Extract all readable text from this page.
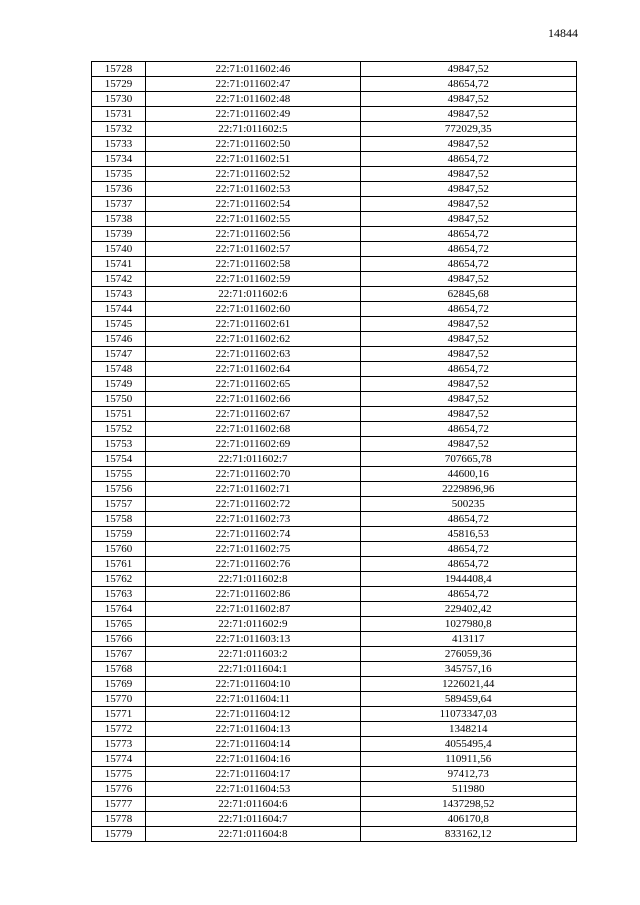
14844
15728	22:71:011602:46	49847,52
15729	22:71:011602:47	48654,72
15730	22:71:011602:48	49847,52
15731	22:71:011602:49	49847,52
15732	22:71:011602:5	772029,35
15733	22:71:011602:50	49847,52
15734	22:71:011602:51	48654,72
15735	22:71:011602:52	49847,52
15736	22:71:011602:53	49847,52
15737	22:71:011602:54	49847,52
15738	22:71:011602:55	49847,52
15739	22:71:011602:56	48654,72
15740	22:71:011602:57	48654,72
15741	22:71:011602:58	48654,72
15742	22:71:011602:59	49847,52
15743	22:71:011602:6	62845,68
15744	22:71:011602:60	48654,72
15745	22:71:011602:61	49847,52
15746	22:71:011602:62	49847,52
15747	22:71:011602:63	49847,52
15748	22:71:011602:64	48654,72
15749	22:71:011602:65	49847,52
15750	22:71:011602:66	49847,52
15751	22:71:011602:67	49847,52
15752	22:71:011602:68	48654,72
15753	22:71:011602:69	49847,52
15754	22:71:011602:7	707665,78
15755	22:71:011602:70	44600,16
15756	22:71:011602:71	2229896,96
15757	22:71:011602:72	500235
15758	22:71:011602:73	48654,72
15759	22:71:011602:74	45816,53
15760	22:71:011602:75	48654,72
15761	22:71:011602:76	48654,72
15762	22:71:011602:8	1944408,4
15763	22:71:011602:86	48654,72
15764	22:71:011602:87	229402,42
15765	22:71:011602:9	1027980,8
15766	22:71:011603:13	413117
15767	22:71:011603:2	276059,36
15768	22:71:011604:1	345757,16
15769	22:71:011604:10	1226021,44
15770	22:71:011604:11	589459,64
15771	22:71:011604:12	11073347,03
15772	22:71:011604:13	1348214
15773	22:71:011604:14	4055495,4
15774	22:71:011604:16	110911,56
15775	22:71:011604:17	97412,73
15776	22:71:011604:53	511980
15777	22:71:011604:6	1437298,52
15778	22:71:011604:7	406170,8
15779	22:71:011604:8	833162,12
